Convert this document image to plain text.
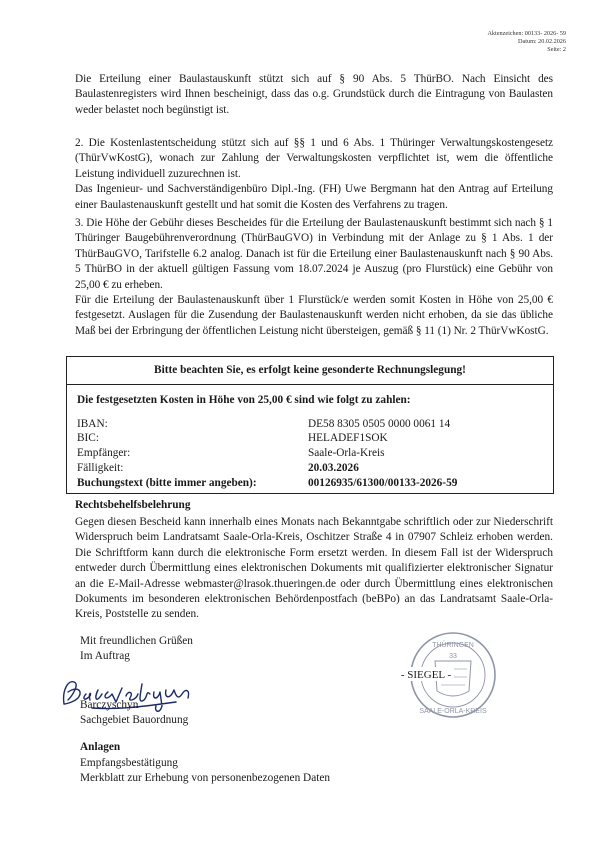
Aktenzeichen: 00133- 2026- 59
Datum: 20.02.2026
Seite: 2

Die Erteilung einer Baulastauskunft stützt sich auf § 90 Abs. 5 ThürBO. Nach Einsicht des Baulastenregisters wird Ihnen bescheinigt, dass das o.g. Grundstück durch die Eintragung von Baulasten weder belastet noch begünstigt ist.

2. Die Kostenlastentscheidung stützt sich auf §§ 1 und 6 Abs. 1 Thüringer Verwaltungskostengesetz (ThürVwKostG), wonach zur Zahlung der Verwaltungskosten verpflichtet ist, wem die öffentliche Leistung individuell zuzurechnen ist.

Das Ingenieur- und Sachverständigenbüro Dipl.-Ing. (FH) Uwe Bergmann hat den Antrag auf Erteilung einer Baulastenauskunft gestellt und hat somit die Kosten des Verfahrens zu tragen.

3. Die Höhe der Gebühr dieses Bescheides für die Erteilung der Baulastenauskunft bestimmt sich nach § 1 Thüringer Baugebührenverordnung (ThürBauGVO) in Verbindung mit der Anlage zu § 1 Abs. 1 der ThürBauGVO, Tarifstelle 6.2 analog. Danach ist für die Erteilung einer Baulastenauskunft nach § 90 Abs. 5 ThürBO in der aktuell gültigen Fassung vom 18.07.2024 je Auszug (pro Flurstück) eine Gebühr von 25,00 € zu erheben.

Für die Erteilung der Baulastenauskunft über 1 Flurstück/e werden somit Kosten in Höhe von 25,00 € festgesetzt. Auslagen für die Zusendung der Baulastenauskunft werden nicht erhoben, da sie das übliche Maß bei der Erbringung der öffentlichen Leistung nicht übersteigen, gemäß § 11 (1) Nr. 2 ThürVwKostG.

Bitte beachten Sie, es erfolgt keine gesonderte Rechnungslegung!
Die festgesetzten Kosten in Höhe von 25,00 € sind wie folgt zu zahlen:
IBAN:	DE58 8305 0505 0000 0061 14
BIC:	HELADEF1SOK
Empfänger:	Saale-Orla-Kreis
Fälligkeit:	20.03.2026
Buchungstext (bitte immer angeben):	00126935/61300/00133-2026-59
Rechtsbehelfsbelehrung
Gegen diesen Bescheid kann innerhalb eines Monats nach Bekanntgabe schriftlich oder zur Niederschrift Widerspruch beim Landratsamt Saale-Orla-Kreis, Oschitzer Straße 4 in 07907 Schleiz erhoben werden. Die Schriftform kann durch die elektronische Form ersetzt werden. In diesem Fall ist der Widerspruch entweder durch Übermittlung eines elektronischen Dokuments mit qualifizierter elektronischer Signatur an die E-Mail-Adresse webmaster@lrasok.thueringen.de oder durch Übermittlung eines elektronischen Dokuments im besonderen elektronischen Behördenpostfach (beBPo) an das Landratsamt Saale-Orla-Kreis, Poststelle zu senden.
Mit freundlichen Grüßen
Im Auftrag
Barczyschyn
Sachgebiet Bauordnung
THÜRINGEN
33
SAALE-ORLA-KREIS
- SIEGEL -
Anlagen
Empfangsbestätigung
Merkblatt zur Erhebung von personenbezogenen Daten
